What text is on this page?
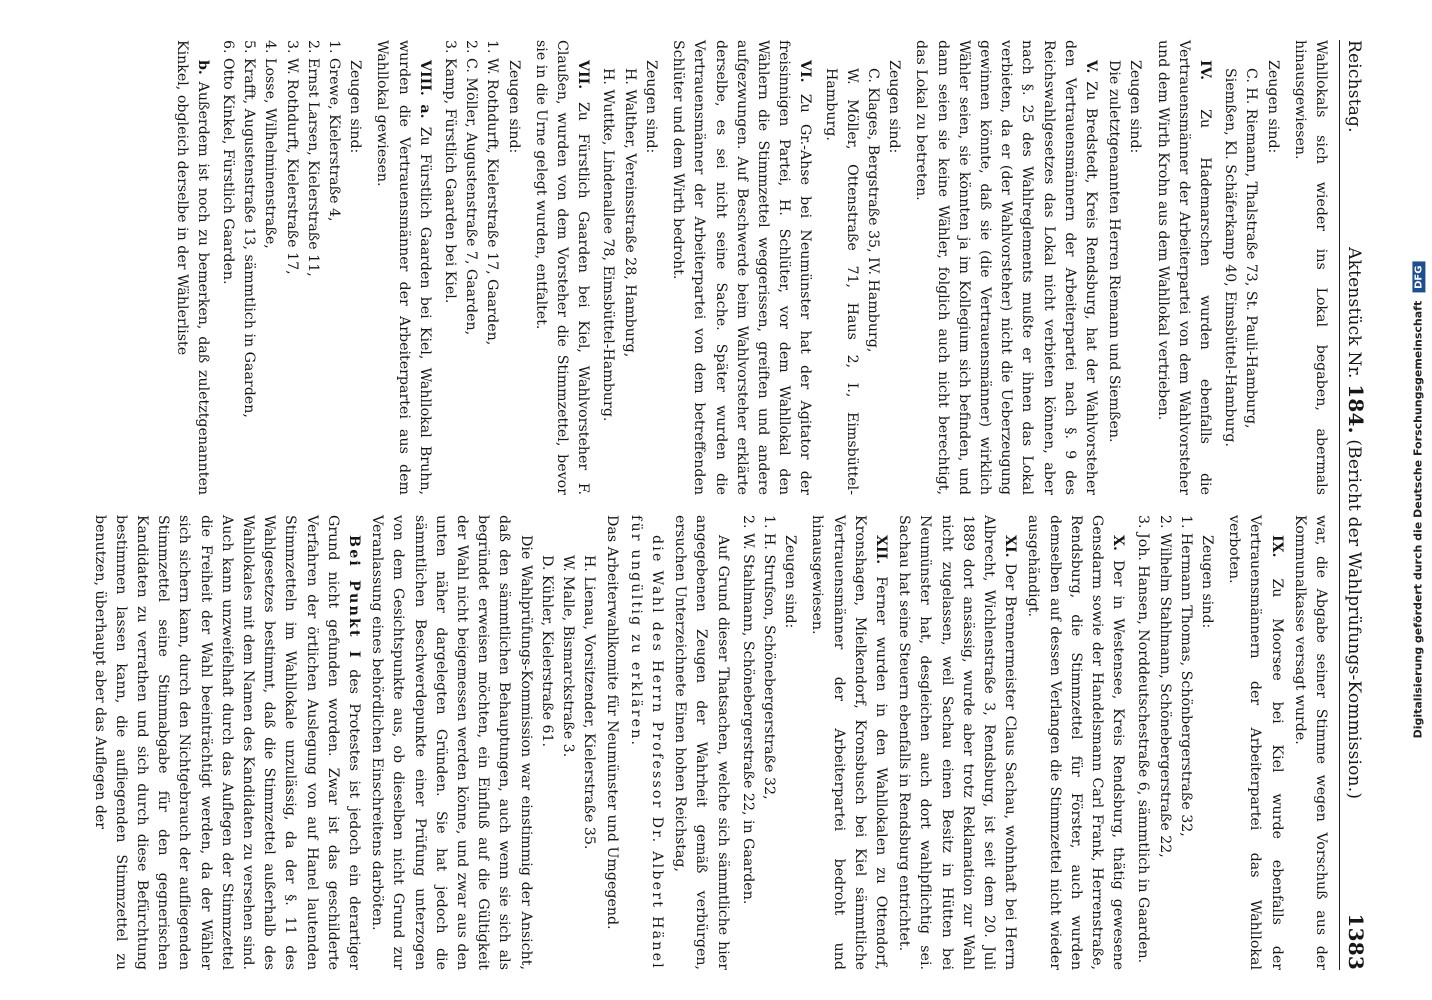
Reichstag.
Aktenstück Nr. 184. (Bericht der Wahlprüfungs-Kommission.)
1383

Wahllokals sich wieder ins Lokal begaben, abermals hinausgewiesen.

Zeugen sind:
C. H. Riemann, Thalstraße 73, St. Pauli-Hamburg,
Siemßen, Kl. Schäferkamp 40, Eimsbüttel-Hamburg.

IV. Zu Hademarschen wurden ebenfalls die Vertrauensmänner der Arbeiterpartei von dem Wahlvorsteher und dem Wirth Krohn aus dem Wahllokal vertrieben.

Zeugen sind:

Die zuletztgenannten Herren Riemann und Siemßen.

V. Zu Bredstedt, Kreis Rendsburg, hat der Wahlvorsteher den Vertrauensmännern der Arbeiterpartei nach §. 9 des Reichswahlgesetzes das Lokal nicht verbieten können, aber nach §. 25 des Wahlreglements mußte er ihnen das Lokal verbieten, da er (der Wahlvorsteher) nicht die Ueberzeugung gewinnen könnte, daß sie (die Vertrauensmänner) wirklich Wähler seien, sie könnten ja im Kollegium sich befinden, und dann seien sie keine Wähler, folglich auch nicht berechtigt, das Lokal zu betreten.

Zeugen sind:
C. Klages, Bergstraße 35, IV. Hamburg,
W. Möller, Ottenstraße 71, Haus 2, I., Eimsbüttel-Hamburg.

VI. Zu Gr.-Ahse bei Neumünster hat der Agitator der freisinnigen Partei, H. Schlüter, vor dem Wahllokal den Wählern die Stimmzettel weggerissen, greiften und andere aufgezwungen. Auf Beschwerde beim Wahlvorsteher erklärte derselbe, es sei nicht seine Sache. Später wurden die Vertrauensmänner der Arbeiterpartei von dem betreffenden Schlüter und dem Wirth bedroht.

Zeugen sind:
H. Walther, Vereinsstraße 28, Hamburg,
H. Wuttke, Lindenallee 78, Eimsbüttel-Hamburg.

VII. Zu Fürstlich Gaarden bei Kiel, Wahlvorsteher F. Claußen, wurden von dem Vorsteher die Stimmzettel, bevor sie in die Urne gelegt wurden, entfaltet.

Zeugen sind:
1. W. Rothdurft, Kielerstraße 17, Gaarden,
2. C. Möller, Augustenstraße 7, Gaarden,
3. Kamp, Fürstlich Gaarden bei Kiel.

VIII. a. Zu Fürstlich Gaarden bei Kiel, Wahllokal Bruhn, wurden die Vertrauensmänner der Arbeiterpartei aus dem Wahllokal gewiesen.

Zeugen sind:
1. Grewe, Kielerstraße 4,
2. Ernst Larsen, Kielerstraße 11,
3. W. Rothdurft, Kielerstraße 17,
4. Losse, Wilhelminenstraße,
5. Krafft, Augustenstraße 13, sämmtlich in Gaarden,
6. Otto Kinkel, Fürstlich Gaarden.

b. Außerdem ist noch zu bemerken, daß zuletztgenannten Kinkel, obgleich derselbe in der Wählerliste

war, die Abgabe seiner Stimme wegen Vorschuß aus der Kommunalkasse versagt wurde.

IX. Zu Moorsee bei Kiel wurde ebenfalls der Vertrauensmännern der Arbeiterpartei das Wahllokal verboten.

Zeugen sind:
1. Hermann Thomas, Schönbergerstraße 32,
2. Wilhelm Stahlmann, Schönebergerstraße 22,
3. Joh. Hansen, Norddeutschestraße 6, sämmtlich in Gaarden.

X. Der in Westensee, Kreis Rendsburg, thätig gewesene Gensdarm sowie der Handelsmann Carl Frank, Herrenstraße, Rendsburg, die Stimmzettel für Förster, auch wurden demselben auf dessen Verlangen die Stimmzettel nicht wieder ausgehändigt.

XI. Der Brennermeister Claus Sachau, wohnhaft bei Herrn Albrecht, Wichlenstraße 3, Rendsburg, ist seit dem 20. Juli 1889 dort ansässig, wurde aber trotz Reklamation zur Wahl nicht zugelassen, weil Sachau einen Besitz in Hütten bei Neumünster hat, desgleichen auch dort wahlpflichtig sei. Sachau hat seine Steuern ebenfalls in Rendsburg entrichtet.

XII. Ferner wurden in den Wahllokalen zu Ottendorf, Kronshagen, Mielkendorf, Kronsbusch bei Kiel sämmtliche Vertrauensmänner der Arbeiterpartei bedroht und hinausgewiesen.

Zeugen sind:
1. H. Strufson, Schönebergerstraße 32,
2. W. Stahlmann, Schönebergerstraße 22, in Gaarden.

Auf Grund dieser Thatsachen, welche sich sämmtliche hier angegebenen Zeugen der Wahrheit gemäß verbürgen, ersuchen Unterzeichnete Einen hohen Reichstag,

die Wahl des Herrn Professor Dr. Albert Hänel für ungültig zu erklären.

Das Arbeiterwahlkomite für Neumünster und Umgegend.

H. Lienau, Vorsitzender, Kielerstraße 35.
W. Malle, Bismarckstraße 3.
D. Kühler, Kielerstraße 61.

Die Wahlprüfungs-Kommission war einstimmig der Ansicht, daß den sämmtlichen Behauptungen, auch wenn sie sich als begründet erweisen möchten, ein Einfluß auf die Gültigkeit der Wahl nicht beigemessen werden könne, und zwar aus den unten näher dargelegten Gründen. Sie hat jedoch die sämmtlichen Beschwerdepunkte einer Prüfung unterzogen von dem Gesichtspunkte aus, ob dieselben nicht Grund zur Veranlassung eines behördlichen Einschreitens darböten.

Bei Punkt I des Protestes ist jedoch ein derartiger Grund nicht gefunden worden. Zwar ist das geschilderte Verfahren der örtlichen Auslegung von auf Hanel lautenden Stimmzetteln im Wahllokale unzulässig, da der §. 11 des Wahlgesetzes bestimmt, daß die Stimmzettel außerhalb des Wahllokales mit dem Namen des Kandidaten zu versehen sind. Auch kann unzweifelhaft durch das Auflegen der Stimmzettel die Freiheit der Wahl beeinträchtigt werden, da der Wähler sich sichern kann, durch den Nichtgebrauch der aufliegenden Stimmzettel seine Stimmabgabe für den gegnerischen Kandidaten zu verrathen und sich durch diese Befürchtung bestimmen lassen kann, die aufliegenden Stimmzettel zu benutzen, überhaupt aber das Auflegen der	Digitalisierung gefördert durch die Deutsche Forschungsgemeinschaft DFG
